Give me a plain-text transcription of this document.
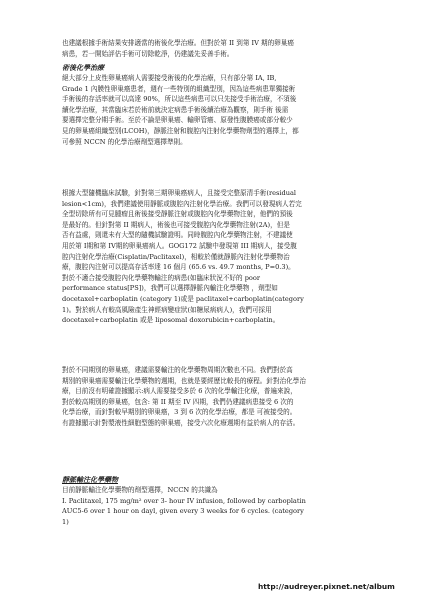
也建議根據手術結果安排適當的術後化學治療。但對於第 II 到第 IV 期的卵巢癌
病患，若一開始評估手術可切除乾淨，仍建議先妥善手術。
術後化學治療
絕大部分上皮性卵巢癌病人需要接受術後的化學治療，只有部分第 IA, IB,
Grade 1 內膜性卵巢癌患者，週有一些特別的組織型別，因為這些病患單獨接術
手術後的存活率就可以高達 90%，所以這些病患可以只先接受手術治療，不須後
續化學治療，其當臨床若於術前就決定病患手術後續治療為觀察，則手術 後需
要選擇完整分期手術。至於不論是卵巢癌、輸卵管癌、原發性腹膜癌或部分較少
見的卵巢癌組織型別(LCOH)，靜脈注射和腹腔內注射化學藥物劑型的選擇上，都
可參照 NCCN 的化學治療劑型選擇準則。
根據大型隨機臨床試驗，針對第三期卵巢癌病人，且接受完整原清手術(residual
lesion<1cm)，我們建議使用靜脈或腹腔內注射化學治療。我們可以發現病人若完
全型切除所有可見腫瘤且術後接受靜脈注射或腹腔內化學藥物注射，他們的預後
是最好的。但針對第 II 期病人，術後也可接受腹腔內化學藥物注射(2A)，但是
否有益處，則還未有大型的隨機試驗證明。同時腹腔內化學藥物注射，不建議使
用於第 I期和第 IV期的卵巢癌病人。GOG172 試驗中發現第 III 期病人，接受腹
腔內注射化學治療(Cisplatin/Paclitaxel)，相較於僅就靜脈內注射化學藥物治
療，腹腔內注射可以提高存活率達 16 個月 (65.6 vs. 49.7 months, P=0.3)。
對於不適合接受腹腔內化學藥物輸注的病患(如臨床狀況不好的 poor
performance status[PS])，我們可以選擇靜脈內輸注化學藥物 ，劑型如
docetaxel+carboplatin (category 1)或是 paclitaxel+carboplatin(category
1)。對於病人有較高風險產生神經病變症狀(如糖尿病病人)，我們可採用
docetaxel+carboplatin 或是 liposomal doxorubicin+carboplatin。
對於不同期別的卵巢癌，建議需要輸注的化學藥物周期次數也不同。我們對於高
期別的卵巢癌需要輸注化學藥物的週期，也就是要經歷比較長的療程。針對治化學治
療，目前沒有明確證據顯示:病人需要接受多於 6 次的化學輸注化療，普遍來說，
對於較高期別的卵巢癌，包含: 第 II 期至 IV 四期，我們仍建議病患接受 6 次的
化學治療，而針對較早期別的卵巢癌，3 到 6 次的化學治療，都是 可被接受的。
有證據顯示針對漿液性細胞型態的卵巢癌，接受六次化療週期有益於病人的存活。
靜脈輸注化學藥物
目前靜脈輸注化學藥物的劑型選擇，NCCN 的共識為
I. Paclitaxel, 175 mg/m² over 3- hour IV infusion, followed by carboplatin
AUC5-6 over 1 hour on dayl, given every 3 weeks for 6 cycles. (category
1)
http://audreyer.pixnet.net/album
